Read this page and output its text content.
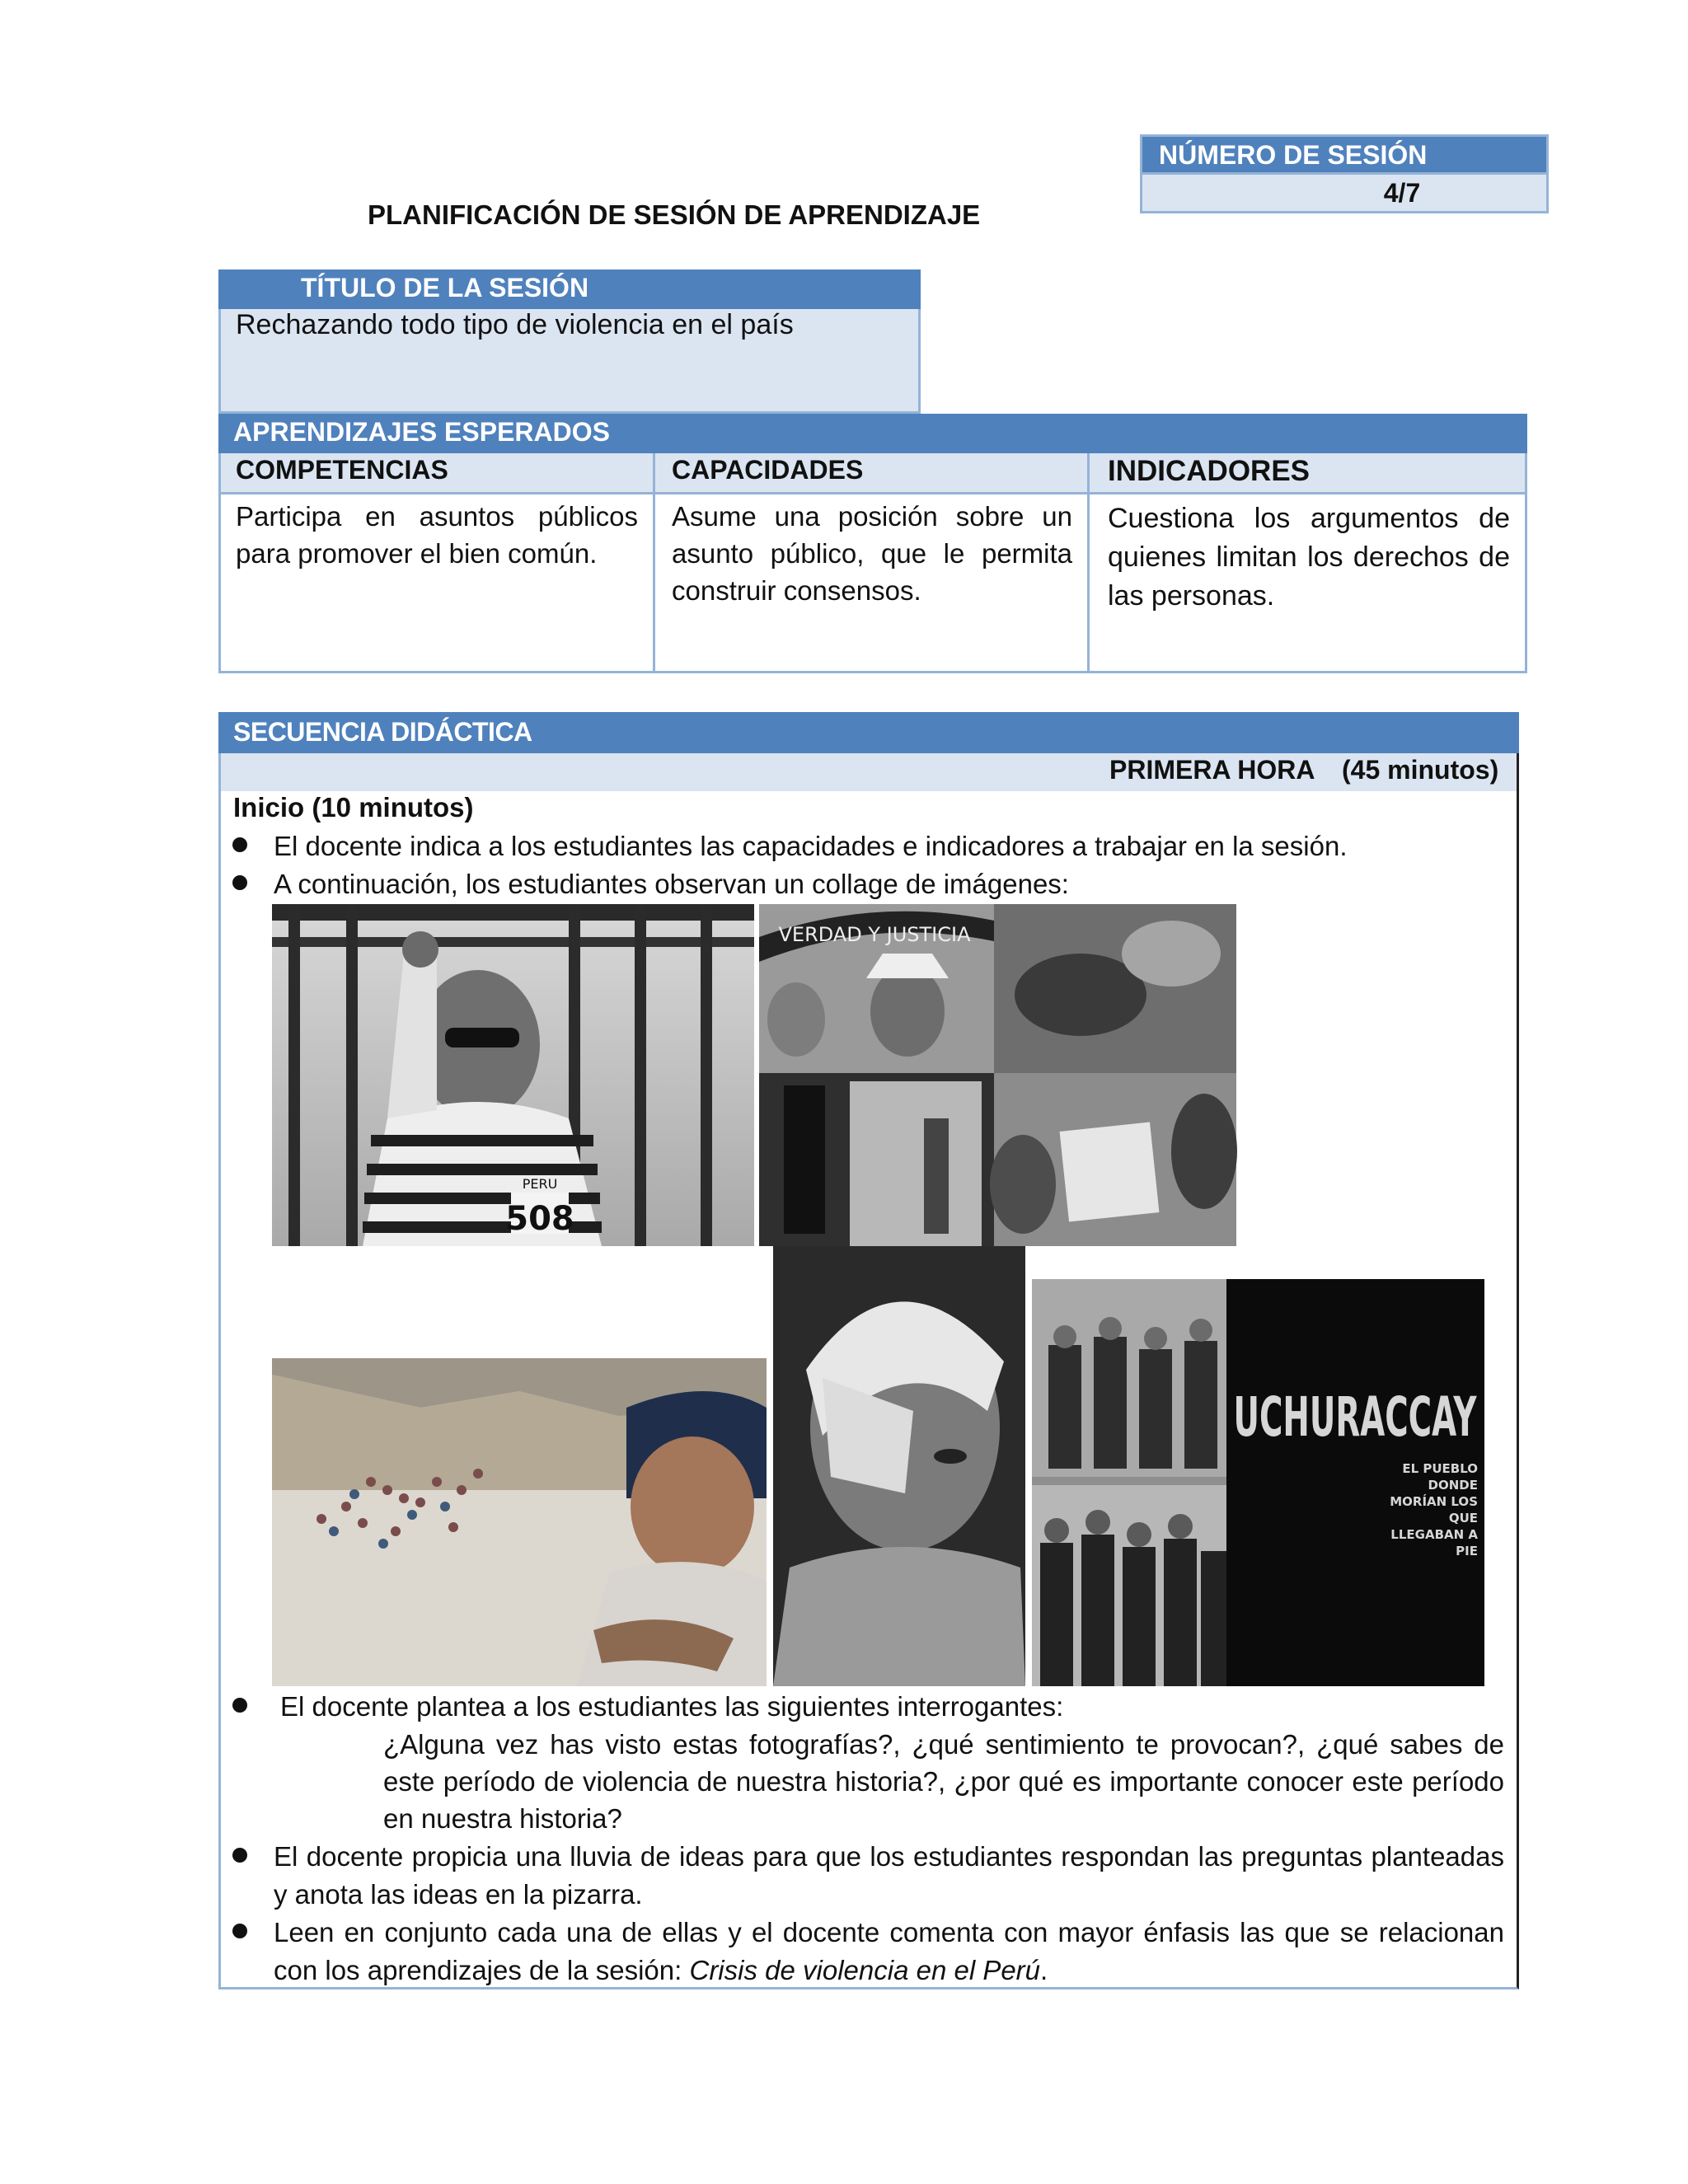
NÚMERO DE SESIÓN
4/7
PLANIFICACIÓN DE SESIÓN DE APRENDIZAJE
TÍTULO DE LA SESIÓN
Rechazando todo tipo de violencia en el país
APRENDIZAJES ESPERADOS
COMPETENCIAS	CAPACIDADES	INDICADORES
Participa en asuntos públicos para promover el bien común.
Asume una posición sobre un asunto público, que le permita construir consensos.
Cuestiona los argumentos de quienes limitan los derechos de las personas.
SECUENCIA DIDÁCTICA
PRIMERA HORA (45 minutos)
Inicio (10 minutos)
El docente indica a los estudiantes las capacidades e indicadores a trabajar en la sesión.
A continuación, los estudiantes observan un collage de imágenes:
PERU
508
VERDAD Y JUSTICIA
UCHURACCAY
EL PUEBLO DONDE MORÍAN LOS QUE LLEGABAN A PIE
El docente plantea a los estudiantes las siguientes interrogantes:
¿Alguna vez has visto estas fotografías?, ¿qué sentimiento te provocan?, ¿qué sabes de este período de violencia de nuestra historia?, ¿por qué es importante conocer este período en nuestra historia?
El docente propicia una lluvia de ideas para que los estudiantes respondan las preguntas planteadas y anota las ideas en la pizarra.
Leen en conjunto cada una de ellas y el docente comenta con mayor énfasis las que se relacionan con los aprendizajes de la sesión: Crisis de violencia en el Perú.
